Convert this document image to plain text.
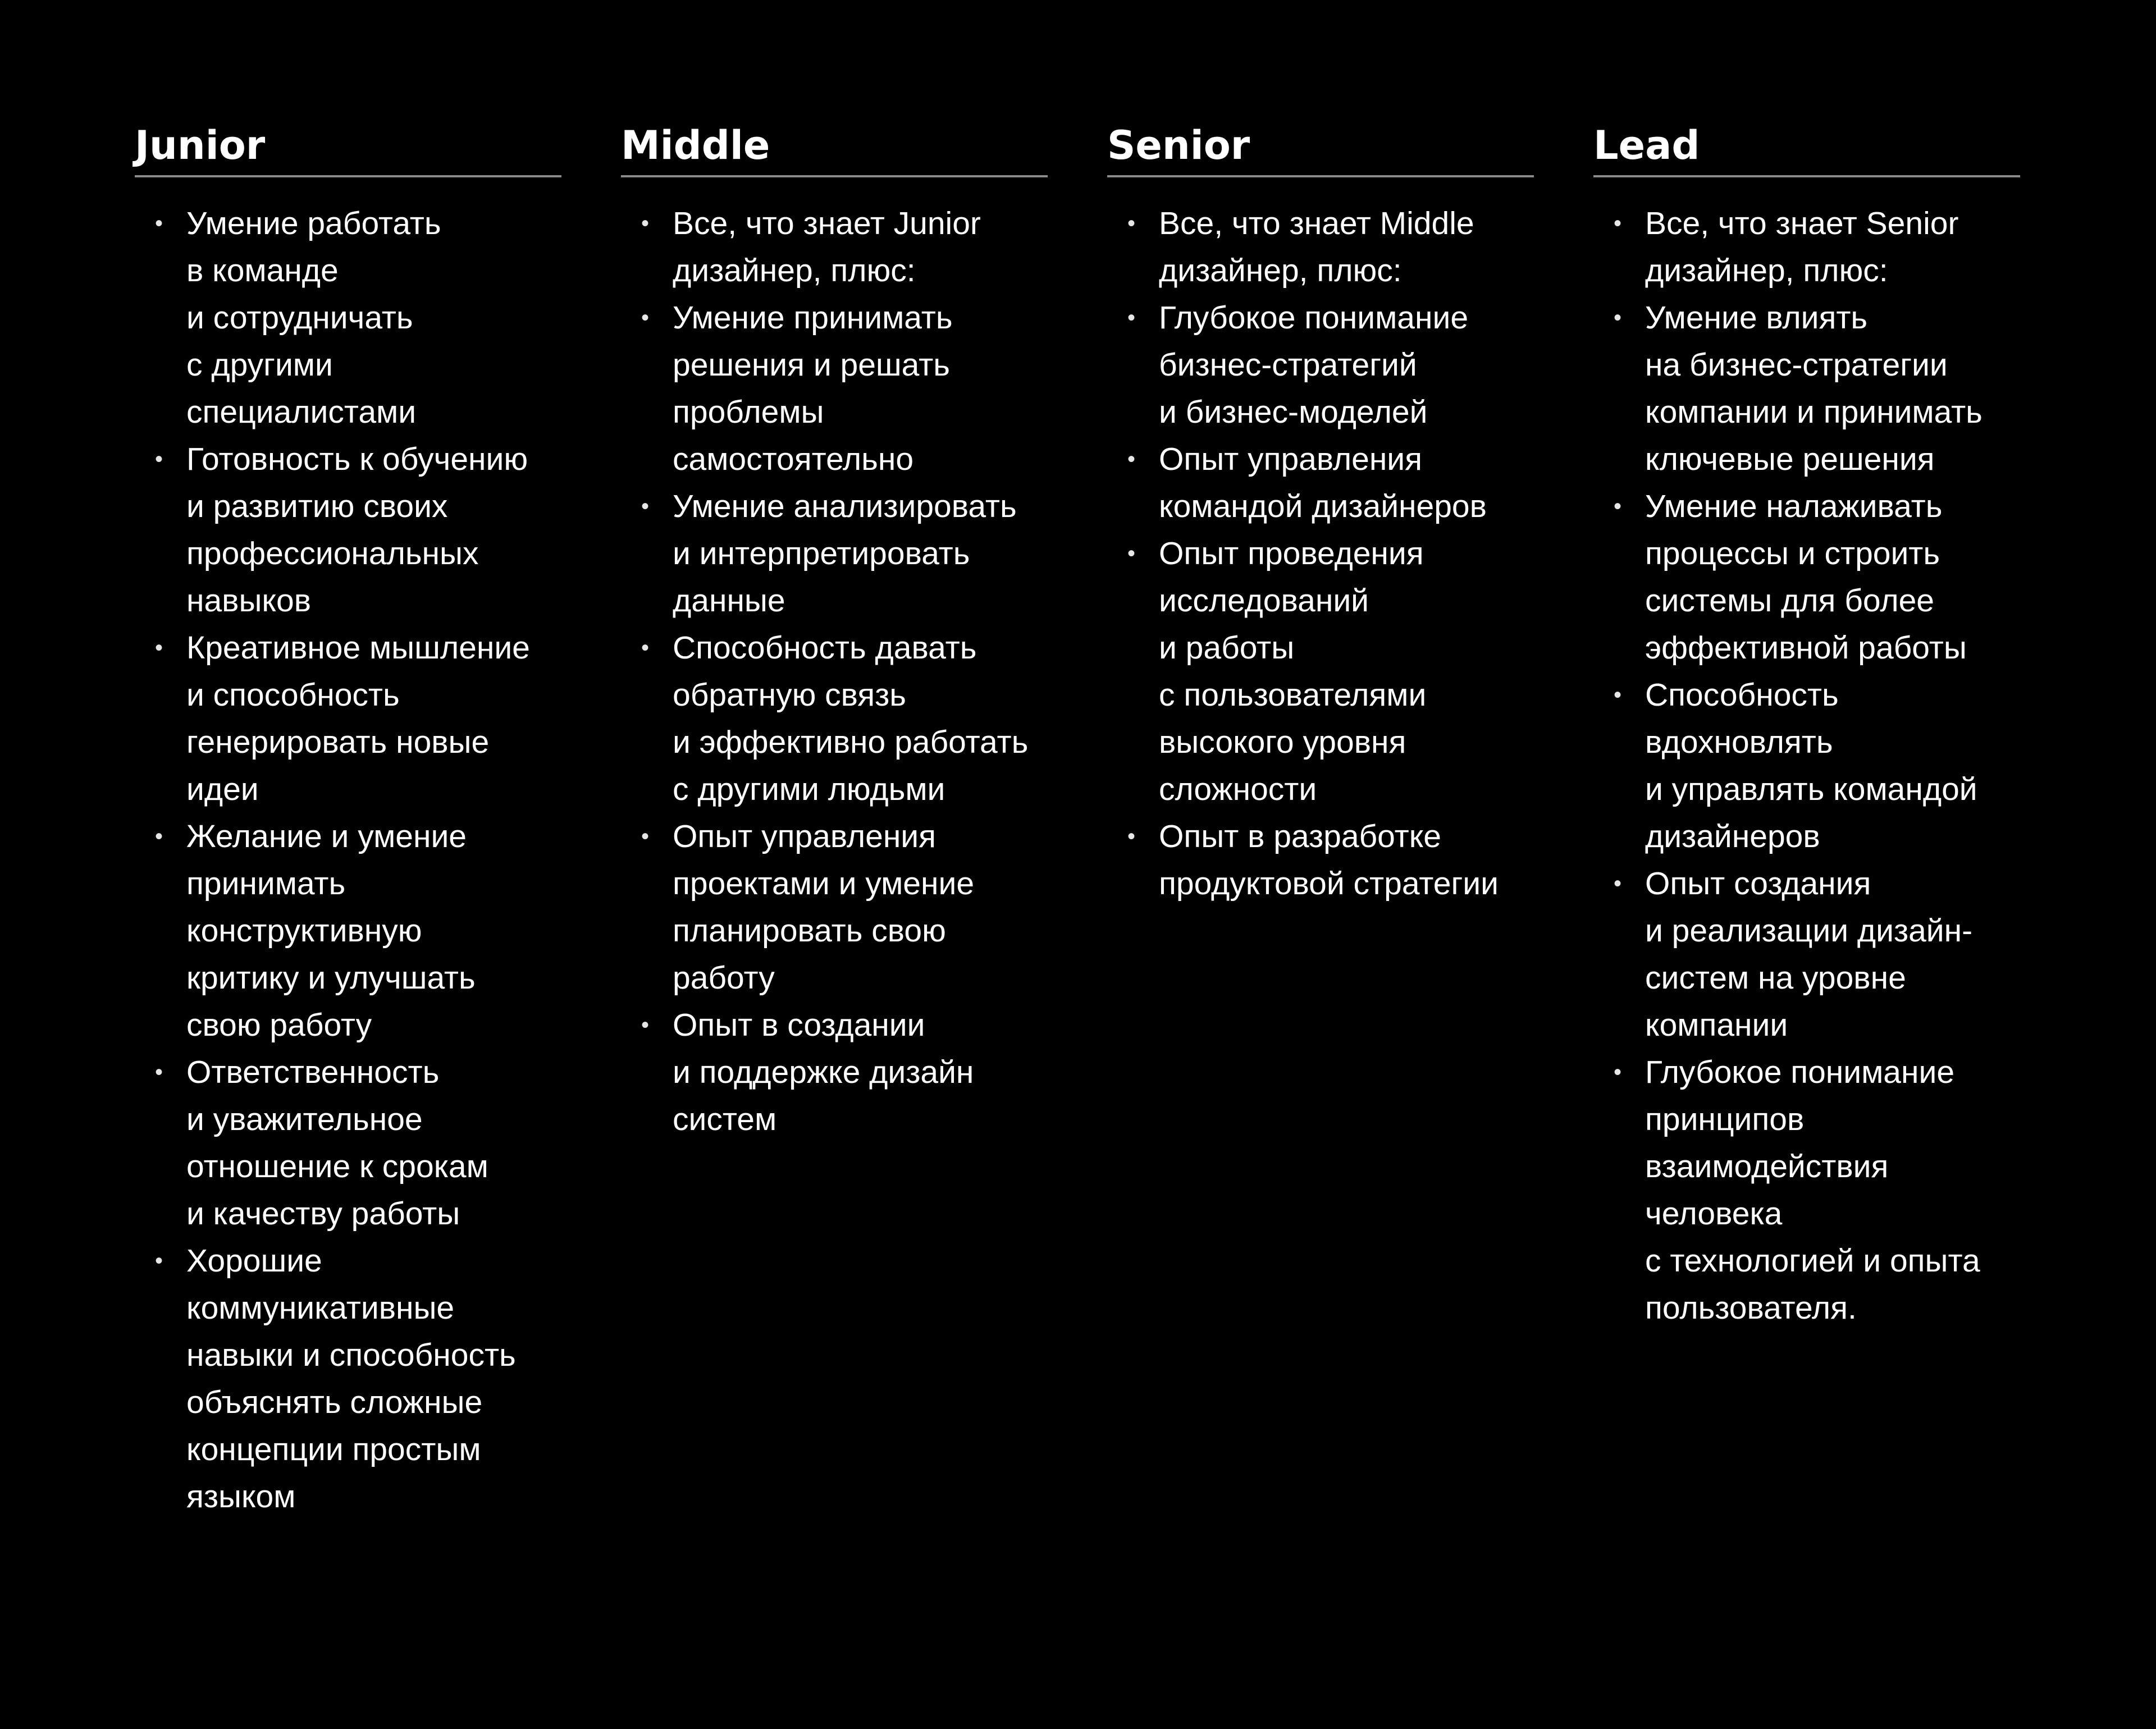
Junior
• Умение работать
в команде
и сотрудничать
с другими
специалистами
• Готовность к обучению
и развитию своих
профессиональных
навыков
• Креативное мышление
и способность
генерировать новые
идеи
• Желание и умение
принимать
конструктивную
критику и улучшать
свою работу
• Ответственность
и уважительное
отношение к срокам
и качеству работы
• Хорошие
коммуникативные
навыки и способность
объяснять сложные
концепции простым
языком
Middle
• Все, что знает Junior
дизайнер, плюс:
• Умение принимать
решения и решать
проблемы
самостоятельно
• Умение анализировать
и интерпретировать
данные
• Способность давать
обратную связь
и эффективно работать
с другими людьми
• Опыт управления
проектами и умение
планировать свою
работу
• Опыт в создании
и поддержке дизайн
систем
Senior
• Все, что знает Middle
дизайнер, плюс:
• Глубокое понимание
бизнес-стратегий
и бизнес-моделей
• Опыт управления
командой дизайнеров
• Опыт проведения
исследований
и работы
с пользователями
высокого уровня
сложности
• Опыт в разработке
продуктовой стратегии
Lead
• Все, что знает Senior
дизайнер, плюс:
• Умение влиять
на бизнес-стратегии
компании и принимать
ключевые решения
• Умение налаживать
процессы и строить
системы для более
эффективной работы
• Способность
вдохновлять
и управлять командой
дизайнеров
• Опыт создания
и реализации дизайн-
систем на уровне
компании
• Глубокое понимание
принципов
взаимодействия
человека
с технологией и опыта
пользователя.
